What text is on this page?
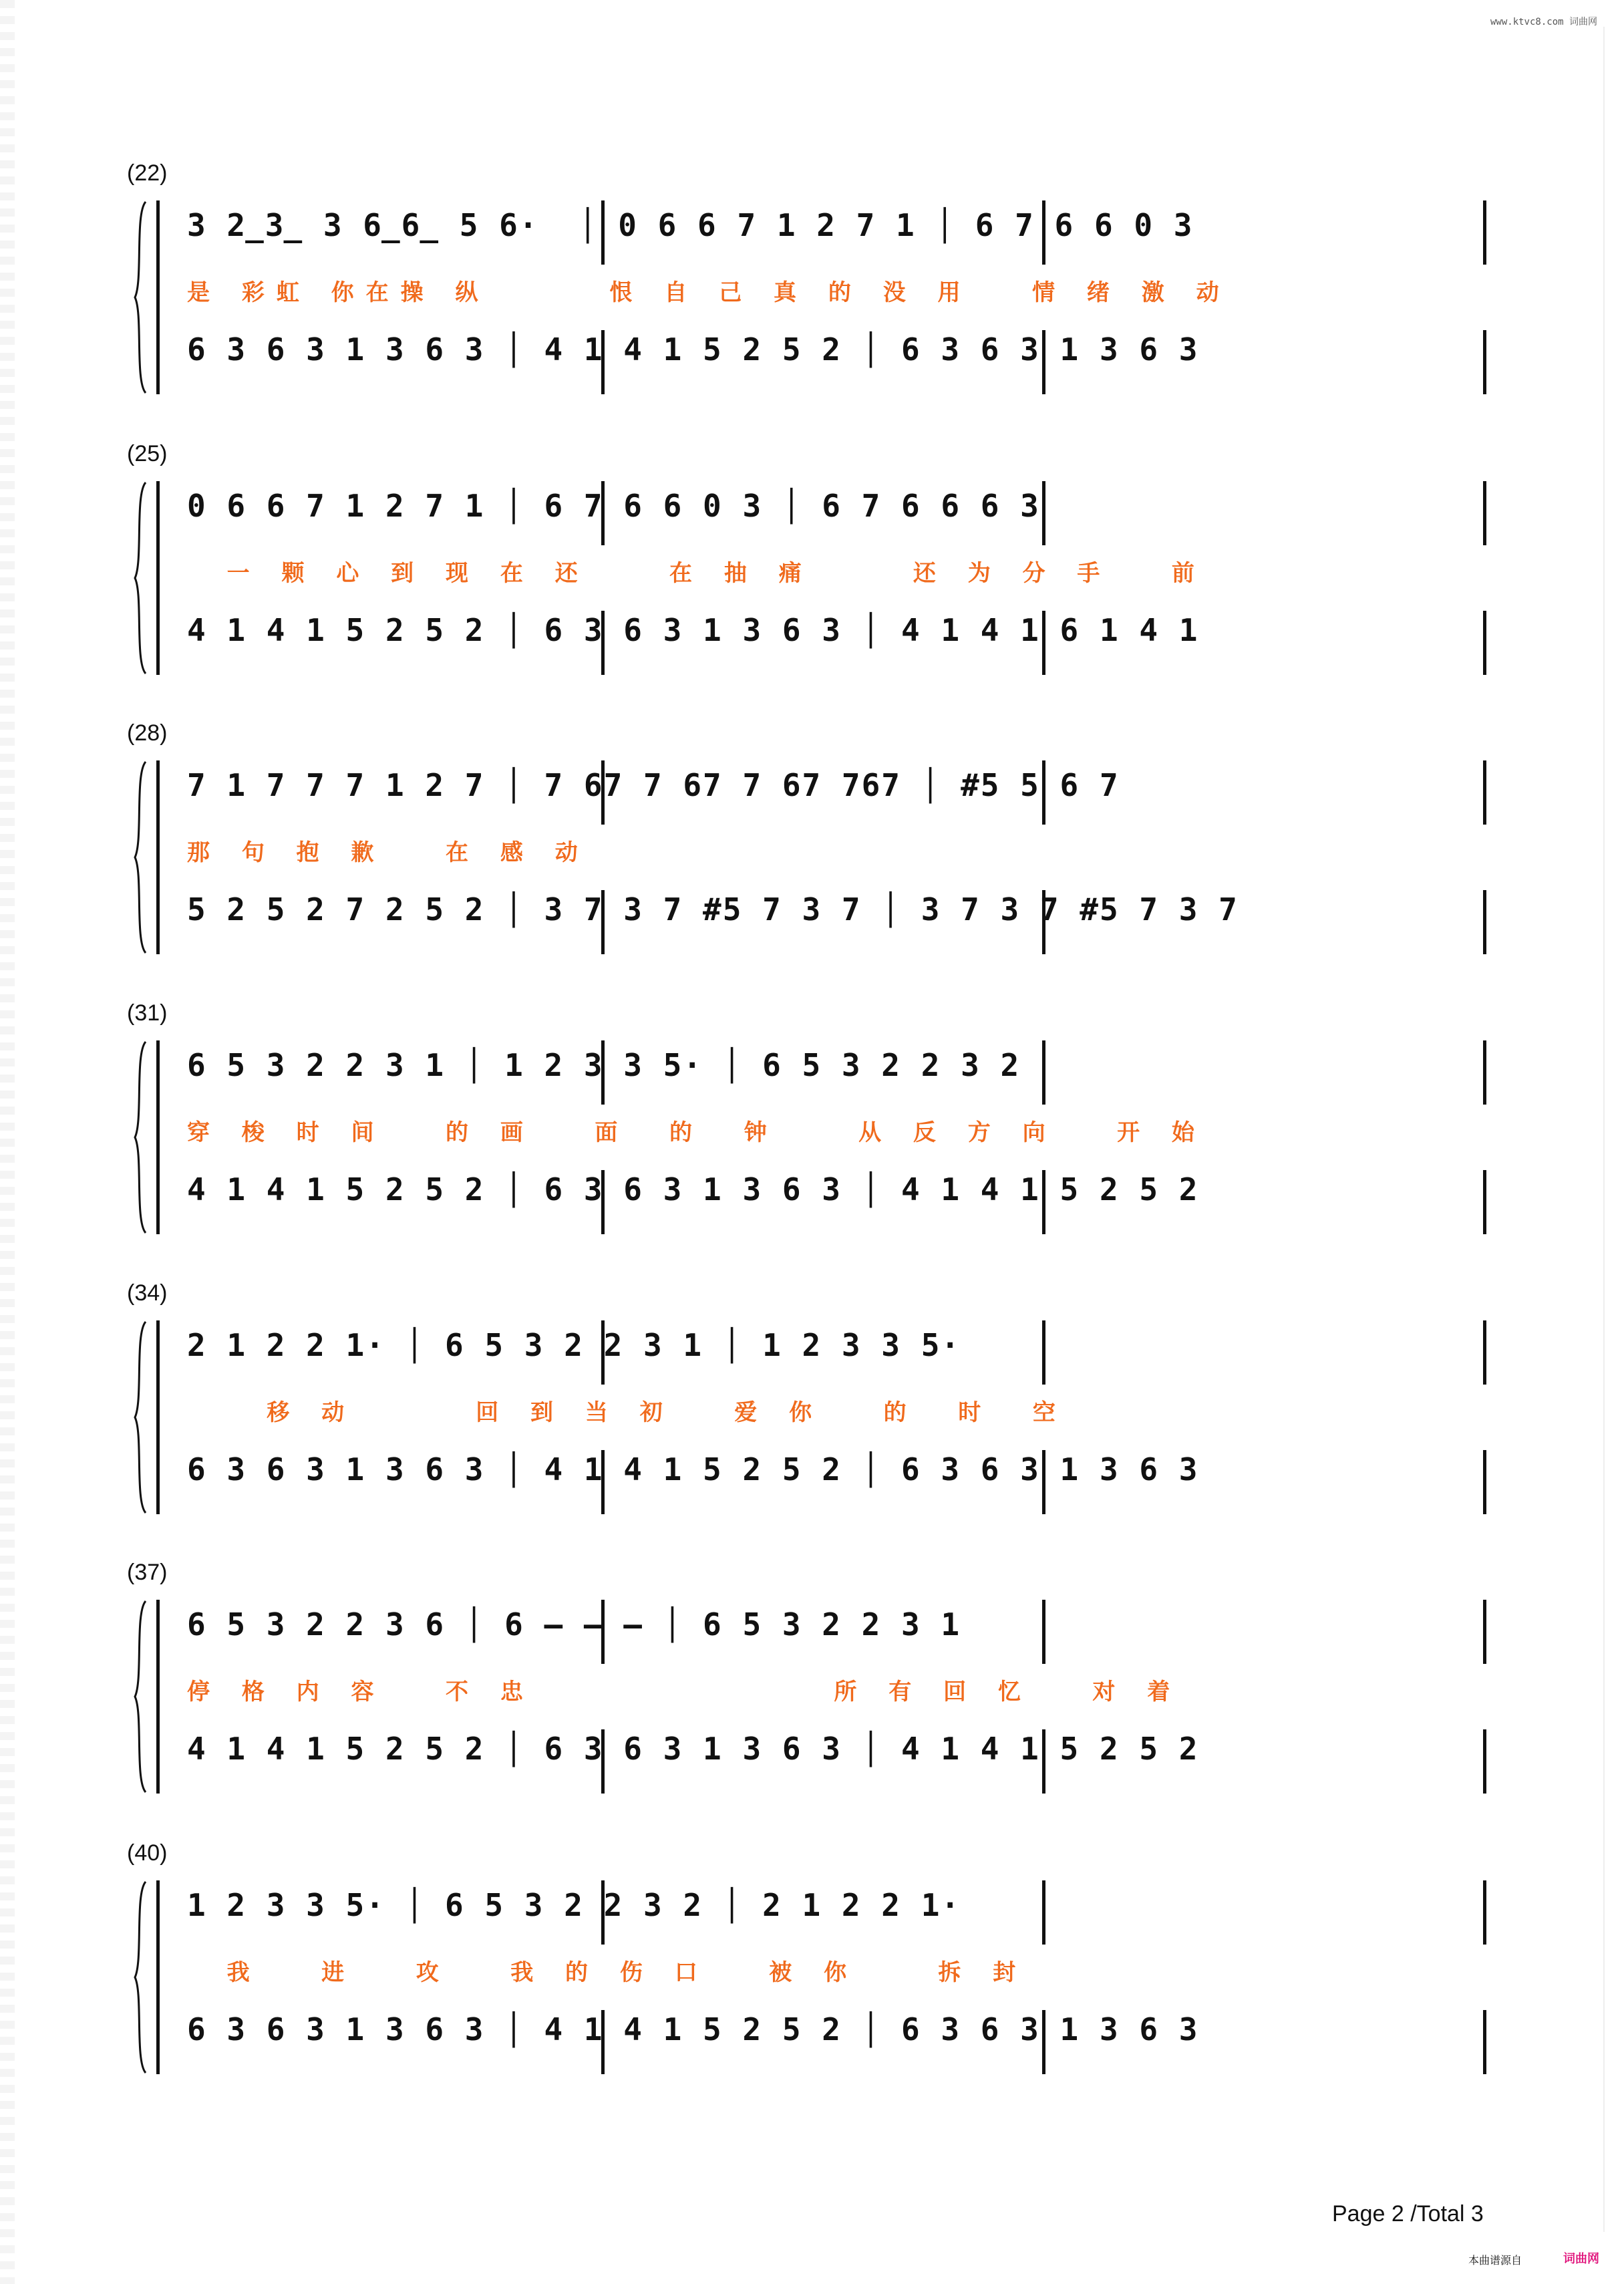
www.ktvc8.com 词曲网
(22)
3 2̲3̲ 3 6̲6̲ 5 6·  │ 0 6 6 7 1 2 7 1 │ 6 7 6 6 0 3
是 彩虹 你在操 纵      恨 自 己 真 的 没 用   情 绪 激 动
6 3 6 3 1 3 6 3 │ 4 1 4 1 5 2 5 2 │ 6 3 6 3 1 3 6 3
(25)
0 6 6 7 1 2 7 1 │ 6 7 6 6 0 3 │ 6 7 6 6 6 3
一 颗 心 到 现 在 还    在 抽 痛     还 为 分 手   前
4 1 4 1 5 2 5 2 │ 6 3 6 3 1 3 6 3 │ 4 1 4 1 6 1 4 1
(28)
7 1 7 7 7 1 2 7 │ 7 67 7 67 7 67 767 │ #5 5 6 7
那 句 抱 歉   在 感 动
5 2 5 2 7 2 5 2 │ 3 7 3 7 #5 7 3 7 │ 3 7 3 7 #5 7 3 7
(31)
6 5 3 2 2 3 1 │ 1 2 3 3 5· │ 6 5 3 2 2 3 2
穿 梭 时 间   的 画   面  的  钟    从 反 方 向   开 始
4 1 4 1 5 2 5 2 │ 6 3 6 3 1 3 6 3 │ 4 1 4 1 5 2 5 2
(34)
2 1 2 2 1· │ 6 5 3 2 2 3 1 │ 1 2 3 3 5·
移 动      回 到 当 初   爱 你   的  时  空
6 3 6 3 1 3 6 3 │ 4 1 4 1 5 2 5 2 │ 6 3 6 3 1 3 6 3
(37)
6 5 3 2 2 3 6 │ 6 – – – │ 6 5 3 2 2 3 1
停 格 内 容   不 忠               所 有 回 忆   对 着
4 1 4 1 5 2 5 2 │ 6 3 6 3 1 3 6 3 │ 4 1 4 1 5 2 5 2
(40)
1 2 3 3 5· │ 6 5 3 2 2 3 2 │ 2 1 2 2 1·
我   进   攻   我 的 伤 口   被 你    拆 封
6 3 6 3 1 3 6 3 │ 4 1 4 1 5 2 5 2 │ 6 3 6 3 1 3 6 3
Page 2 /Total 3
本曲谱源自	词曲网
